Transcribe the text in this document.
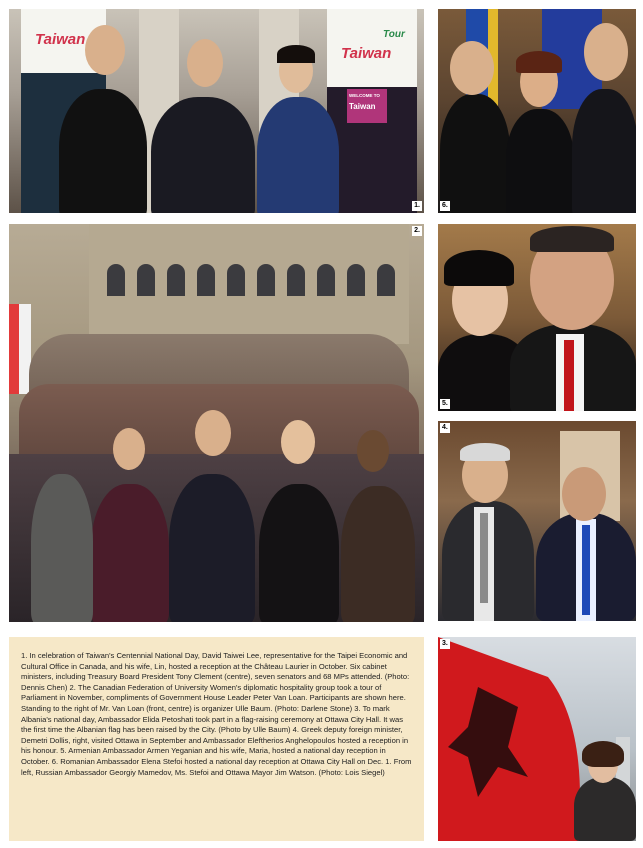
Taiwan	Tour
Taiwan
WELCOME TO
Taiwan
1.	6.
2.
5.
4.
3.

1. In celebration of Taiwan's Centennial National Day, David Taiwei Lee, representative for the Taipei Economic and Cultural Office in Canada, and his wife, Lin, hosted a reception at the Château Laurier in October. Six cabinet ministers, including Treasury Board President Tony Clement (centre), seven senators and 68 MPs attended. (Photo: Dennis Chen) 2. The Canadian Federation of University Women's diplomatic hospitality group took a tour of Parliament in November, compliments of Government House Leader Peter Van Loan. Participants are shown here. Standing to the right of Mr. Van Loan (front, centre) is organizer Ulle Baum. (Photo: Darlene Stone) 3. To mark Albania's national day, Ambassador Elida Petoshati took part in a flag-raising ceremony at Ottawa City Hall. It was the first time the Albanian flag has been raised by the City. (Photo by Ulle Baum) 4. Greek deputy foreign minister, Demetri Dollis, right, visited Ottawa in September and Ambassador Eleftherios Anghelopoulos hosted a reception in his honour. 5. Armenian Ambassador Armen Yeganian and his wife, Maria, hosted a national day reception in October. 6. Romanian Ambassador Elena Stefoi hosted a national day reception at Ottawa City Hall on Dec. 1. From left, Russian Ambassador Georgiy Mamedov, Ms. Stefoi and Ottawa Mayor Jim Watson. (Photo: Lois Siegel)
